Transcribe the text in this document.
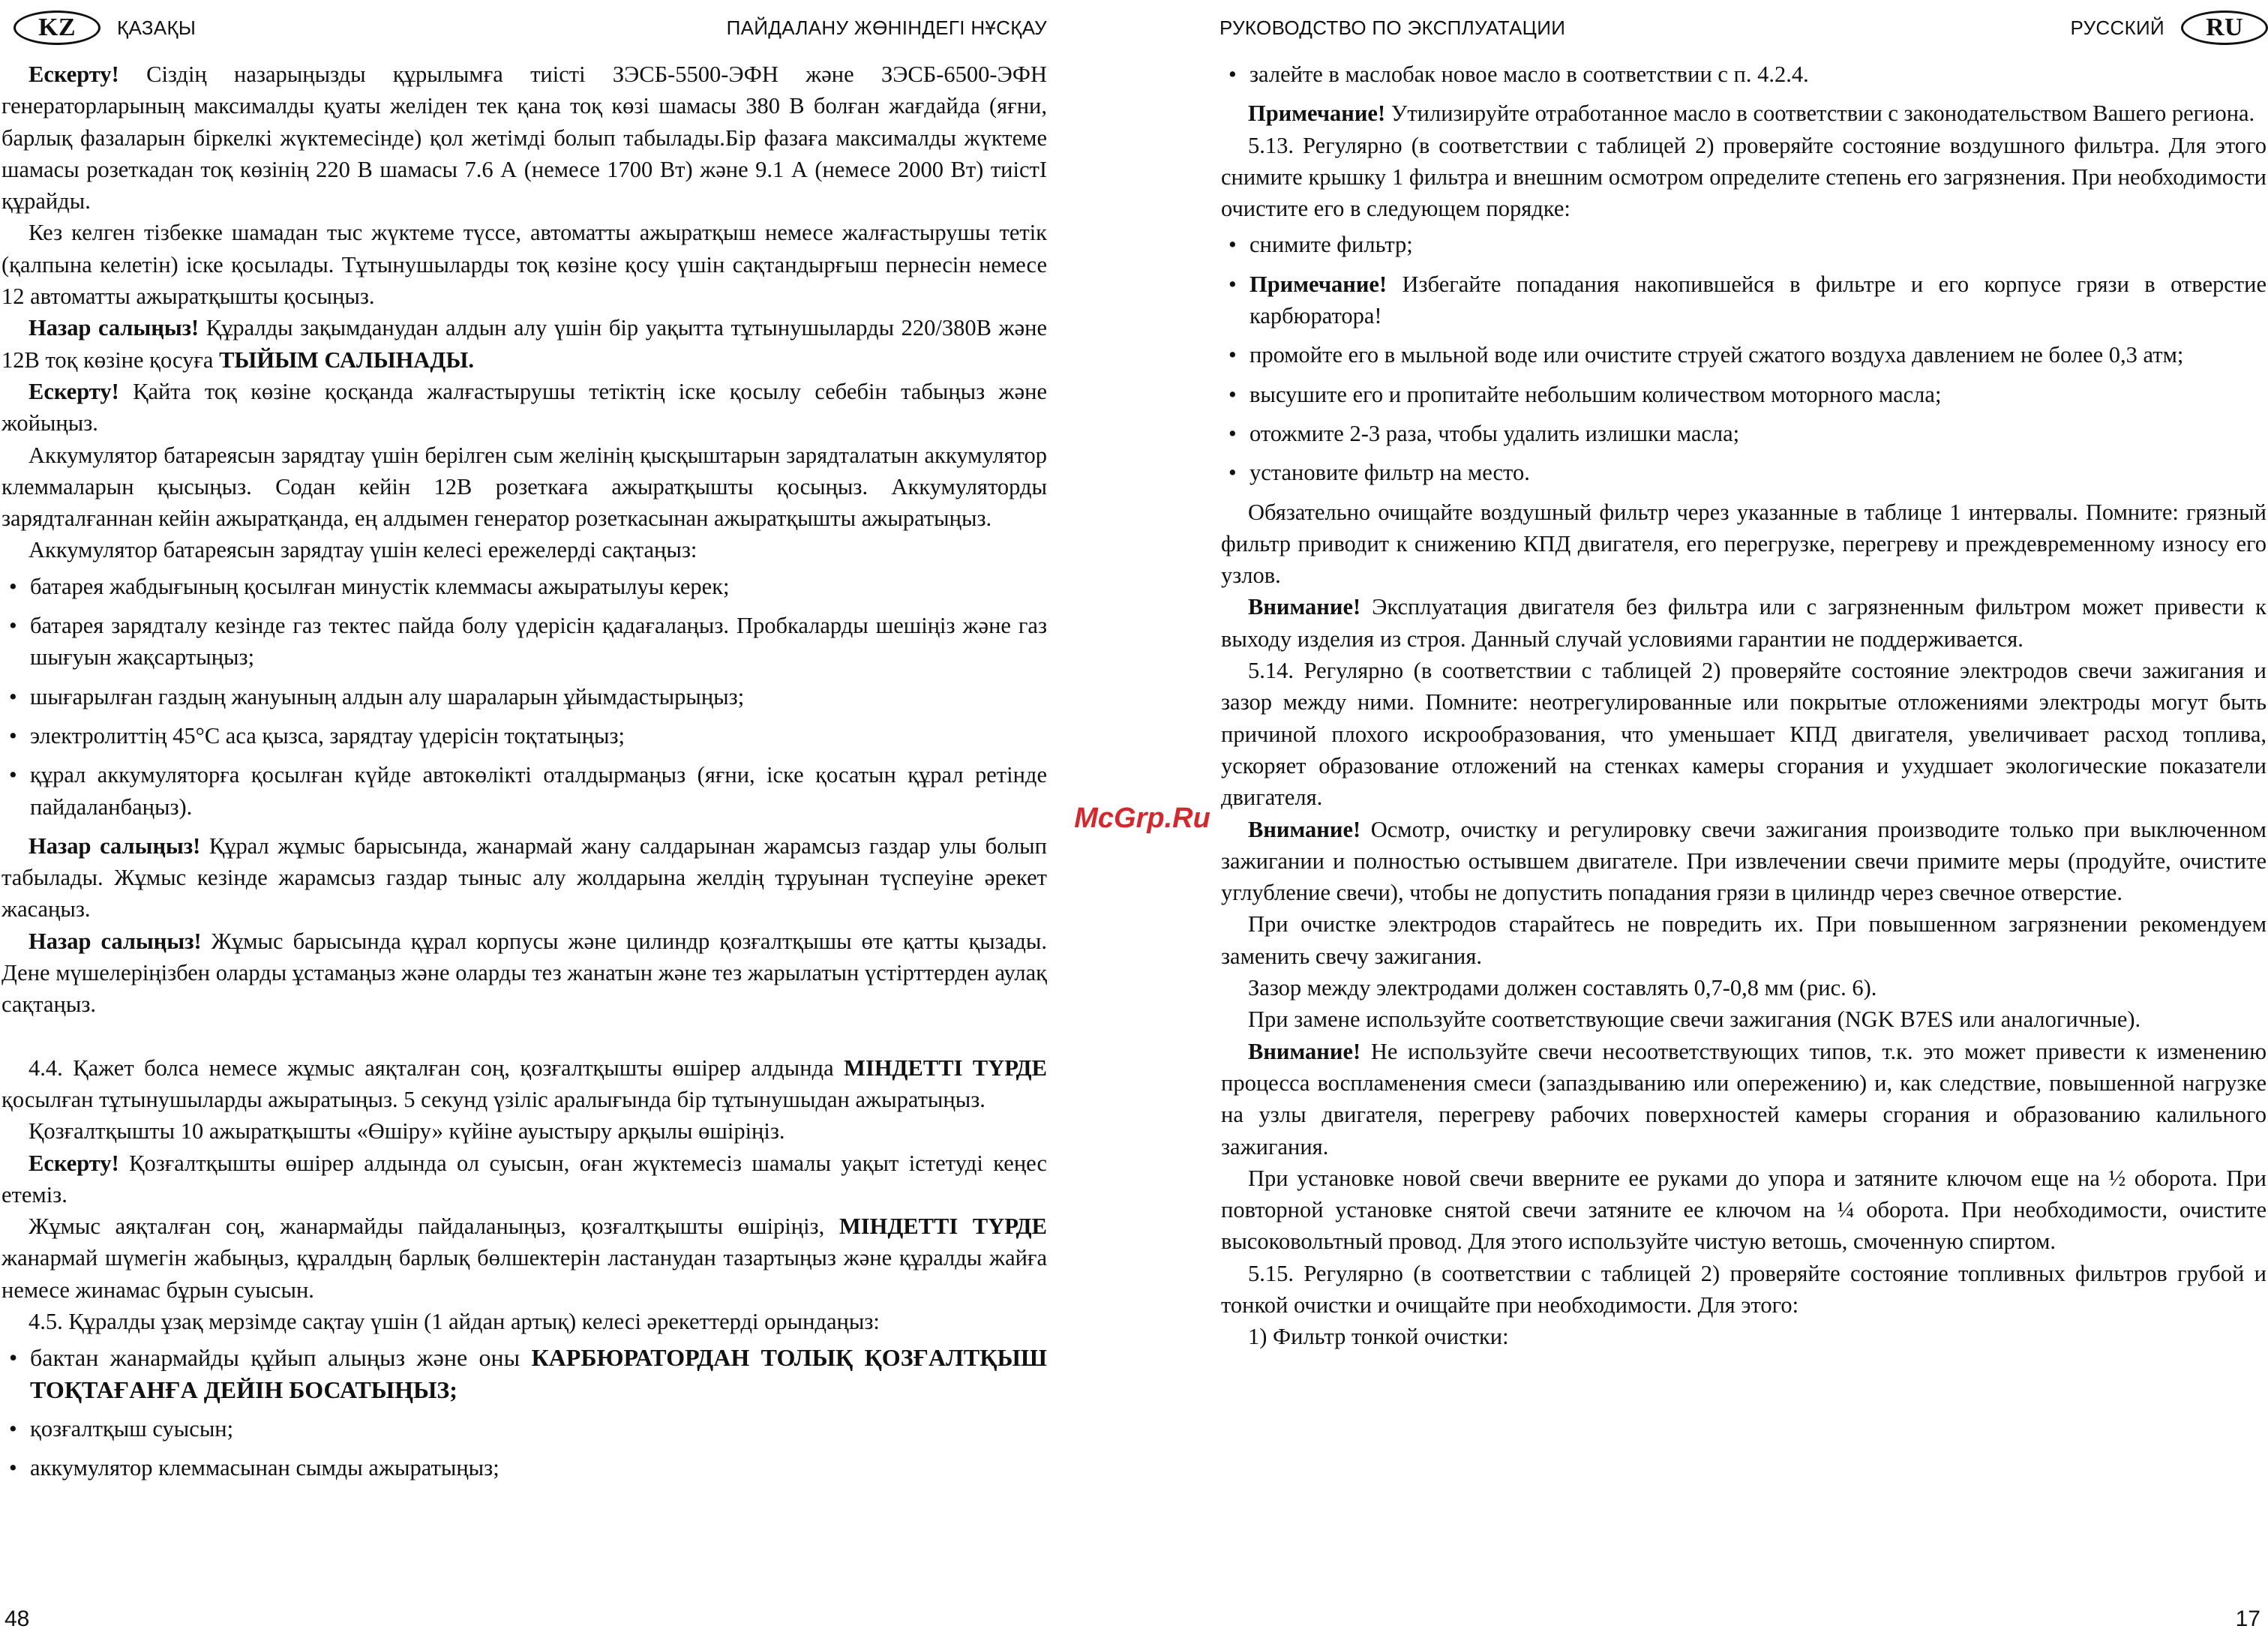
KZ	ҚАЗАҚЫ	ПАЙДАЛАНУ ЖӨНІНДЕГІ НҰСҚАУ	РУКОВОДСТВО ПО ЭКСПЛУАТАЦИИ	РУССКИЙ	RU

Ескерту! Сіздің назарыңызды құрылымға тиісті ЗЭСБ-5500-ЭФН және ЗЭСБ-6500-ЭФН генераторларының максималды қуаты желіден тек қана тоқ көзі шамасы 380 В болған жағдайда (яғни, барлық фазаларын біркелкі жүктемесінде) қол жетімді болып табылады.Бір фазаға максималды жүктеме шамасы розеткадан тоқ көзінің 220 В шамасы 7.6 А (немесе 1700 Вт) және 9.1 А (немесе 2000 Вт) тиістІ құрайды.

Кез келген тізбекке шамадан тыс жүктеме түссе, автоматты ажыратқыш немесе жалғастырушы тетік (қалпына келетін) іске қосылады. Тұтынушыларды тоқ көзіне қосу үшін сақтандырғыш пернесін немесе 12 автоматты ажыратқышты қосыңыз.

Назар салыңыз! Құралды зақымданудан алдын алу үшін бір уақытта тұтынушыларды 220/380В және 12В тоқ көзіне қосуға ТЫЙЫМ САЛЫНАДЫ.

Ескерту! Қайта тоқ көзіне қосқанда жалғастырушы тетіктің іске қосылу себебін табыңыз және жойыңыз.

Аккумулятор батареясын зарядтау үшін берілген сым желінің қысқыштарын зарядталатын аккумулятор клеммаларын қысыңыз. Содан кейін 12В розеткаға ажыратқышты қосыңыз. Аккумуляторды зарядталғаннан кейін ажыратқанда, ең алдымен генератор розеткасынан ажыратқышты ажыратыңыз.

Аккумулятор батареясын зарядтау үшін келесі ережелерді сақтаңыз:

• батарея жабдығының қосылған минустік клеммасы ажыратылуы керек;
• батарея зарядталу кезінде газ тектес пайда болу үдерісін қадағалаңыз. Пробкаларды шешіңіз және газ шығуын жақсартыңыз;
• шығарылған газдың жануының алдын алу шараларын ұйымдастырыңыз;
• электролиттің 45°С аса қызса, зарядтау үдерісін тоқтатыңыз;
• құрал аккумуляторға қосылған күйде автокөлікті оталдырмаңыз (яғни, іске қосатын құрал ретінде пайдаланбаңыз).

Назар салыңыз! Құрал жұмыс барысында, жанармай жану салдарынан жарамсыз газдар улы болып табылады. Жұмыс кезінде жарамсыз газдар тыныс алу жолдарына желдің тұруынан түспеуіне әрекет жасаңыз.

Назар салыңыз! Жұмыс барысында құрал корпусы және цилиндр қозғалтқышы өте қатты қызады. Дене мүшелеріңізбен оларды ұстамаңыз және оларды тез жанатын және тез жарылатын үстірттерден аулақ сақтаңыз.

4.4. Қажет болса немесе жұмыс аяқталған соң, қозғалтқышты өшірер алдында МІНДЕТТІ ТҮРДЕ қосылған тұтынушыларды ажыратыңыз. 5 секунд үзіліс аралығында бір тұтынушыдан ажыратыңыз.

Қозғалтқышты 10 ажыратқышты «Өшіру» күйіне ауыстыру арқылы өшіріңіз.

Ескерту! Қозғалтқышты өшірер алдында ол суысын, оған жүктемесіз шамалы уақыт істетуді кеңес етеміз.

Жұмыс аяқталған соң, жанармайды пайдаланыңыз, қозғалтқышты өшіріңіз, МІНДЕТТІ ТҮРДЕ жанармай шүмегін жабыңыз, құралдың барлық бөлшектерін ластанудан тазартыңыз және құралды жайға немесе жинамас бұрын суысын.

4.5. Құралды ұзақ мерзімде сақтау үшін (1 айдан артық) келесі әрекеттерді орындаңыз:

• бактан жанармайды құйып алыңыз және оны КАРБЮРАТОРДАН ТОЛЫҚ ҚОЗҒАЛТҚЫШ ТОҚТАҒАНҒА ДЕЙІН БОСАТЫҢЫЗ;
• қозғалтқыш суысын;
• аккумулятор клеммасынан сымды ажыратыңыз;
McGrp.Ru
• залейте в маслобак новое масло в соответствии с п. 4.2.4.

Примечание! Утилизируйте отработанное масло в соответствии с законодательством Вашего региона.

5.13. Регулярно (в соответствии с таблицей 2) проверяйте состояние воздушного фильтра. Для этого снимите крышку 1 фильтра и внешним осмотром определите степень его загрязнения. При необходимости очистите его в следующем порядке:

• снимите фильтр;
• Примечание! Избегайте попадания накопившейся в фильтре и его корпусе грязи в отверстие карбюратора!
• промойте его в мыльной воде или очистите струей сжатого воздуха давлением не более 0,3 атм;
• высушите его и пропитайте небольшим количеством моторного масла;
• отожмите 2-3 раза, чтобы удалить излишки масла;
• установите фильтр на место.

Обязательно очищайте воздушный фильтр через указанные в таблице 1 интервалы. Помните: грязный фильтр приводит к снижению КПД двигателя, его перегрузке, перегреву и преждевременному износу его узлов.

Внимание! Эксплуатация двигателя без фильтра или с загрязненным фильтром может привести к выходу изделия из строя. Данный случай условиями гарантии не поддерживается.

5.14. Регулярно (в соответствии с таблицей 2) проверяйте состояние электродов свечи зажигания и зазор между ними. Помните: неотрегулированные или покрытые отложениями электроды могут быть причиной плохого искрообразования, что уменьшает КПД двигателя, увеличивает расход топлива, ускоряет образование отложений на стенках камеры сгорания и ухудшает экологические показатели двигателя.

Внимание! Осмотр, очистку и регулировку свечи зажигания производите только при выключенном зажигании и полностью остывшем двигателе. При извлечении свечи примите меры (продуйте, очистите углубление свечи), чтобы не допустить попадания грязи в цилиндр через свечное отверстие.

При очистке электродов старайтесь не повредить их. При повышенном загрязнении рекомендуем заменить свечу зажигания.

Зазор между электродами должен составлять 0,7-0,8 мм (рис. 6).

При замене используйте соответствующие свечи зажигания (NGK B7ES или аналогичные).

Внимание! Не используйте свечи несоответствующих типов, т.к. это может привести к изменению процесса воспламенения смеси (запаздыванию или опережению) и, как следствие, повышенной нагрузке на узлы двигателя, перегреву рабочих поверхностей камеры сгорания и образованию калильного зажигания.

При установке новой свечи вверните ее руками до упора и затяните ключом еще на ½ оборота. При повторной установке снятой свечи затяните ее ключом на ¼ оборота. При необходимости, очистите высоковольтный провод. Для этого используйте чистую ветошь, смоченную спиртом.

5.15. Регулярно (в соответствии с таблицей 2) проверяйте состояние топливных фильтров грубой и тонкой очистки и очищайте при необходимости. Для этого:

1) Фильтр тонкой очистки:

48	17
